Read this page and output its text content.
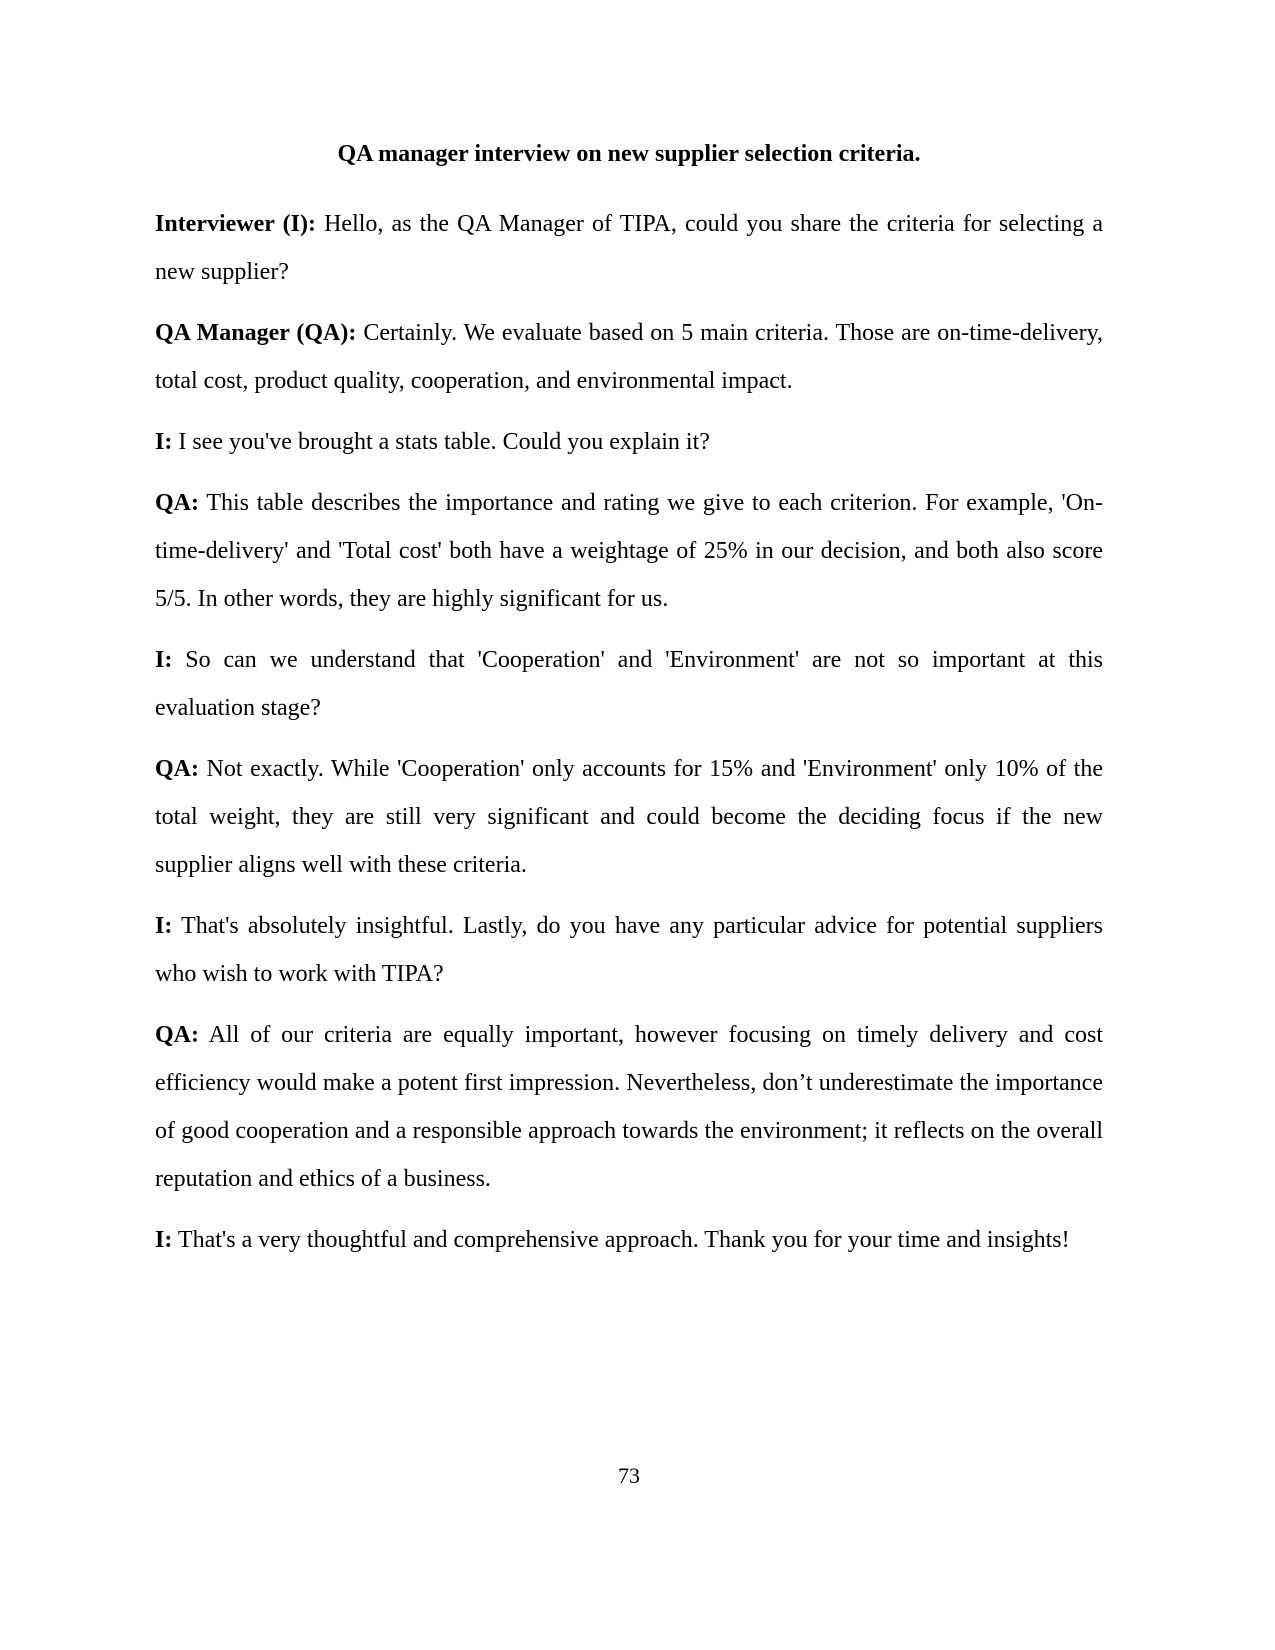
QA manager interview on new supplier selection criteria.

Interviewer (I): Hello, as the QA Manager of TIPA, could you share the criteria for selecting a new supplier?

QA Manager (QA): Certainly. We evaluate based on 5 main criteria. Those are on-time-delivery, total cost, product quality, cooperation, and environmental impact.

I: I see you've brought a stats table. Could you explain it?

QA: This table describes the importance and rating we give to each criterion. For example, 'On-time-delivery' and 'Total cost' both have a weightage of 25% in our decision, and both also score 5/5. In other words, they are highly significant for us.

I: So can we understand that 'Cooperation' and 'Environment' are not so important at this evaluation stage?

QA: Not exactly. While 'Cooperation' only accounts for 15% and 'Environment' only 10% of the total weight, they are still very significant and could become the deciding focus if the new supplier aligns well with these criteria.

I: That's absolutely insightful. Lastly, do you have any particular advice for potential suppliers who wish to work with TIPA?

QA: All of our criteria are equally important, however focusing on timely delivery and cost efficiency would make a potent first impression. Nevertheless, don’t underestimate the importance of good cooperation and a responsible approach towards the environment; it reflects on the overall reputation and ethics of a business.

I: That's a very thoughtful and comprehensive approach. Thank you for your time and insights!

73
